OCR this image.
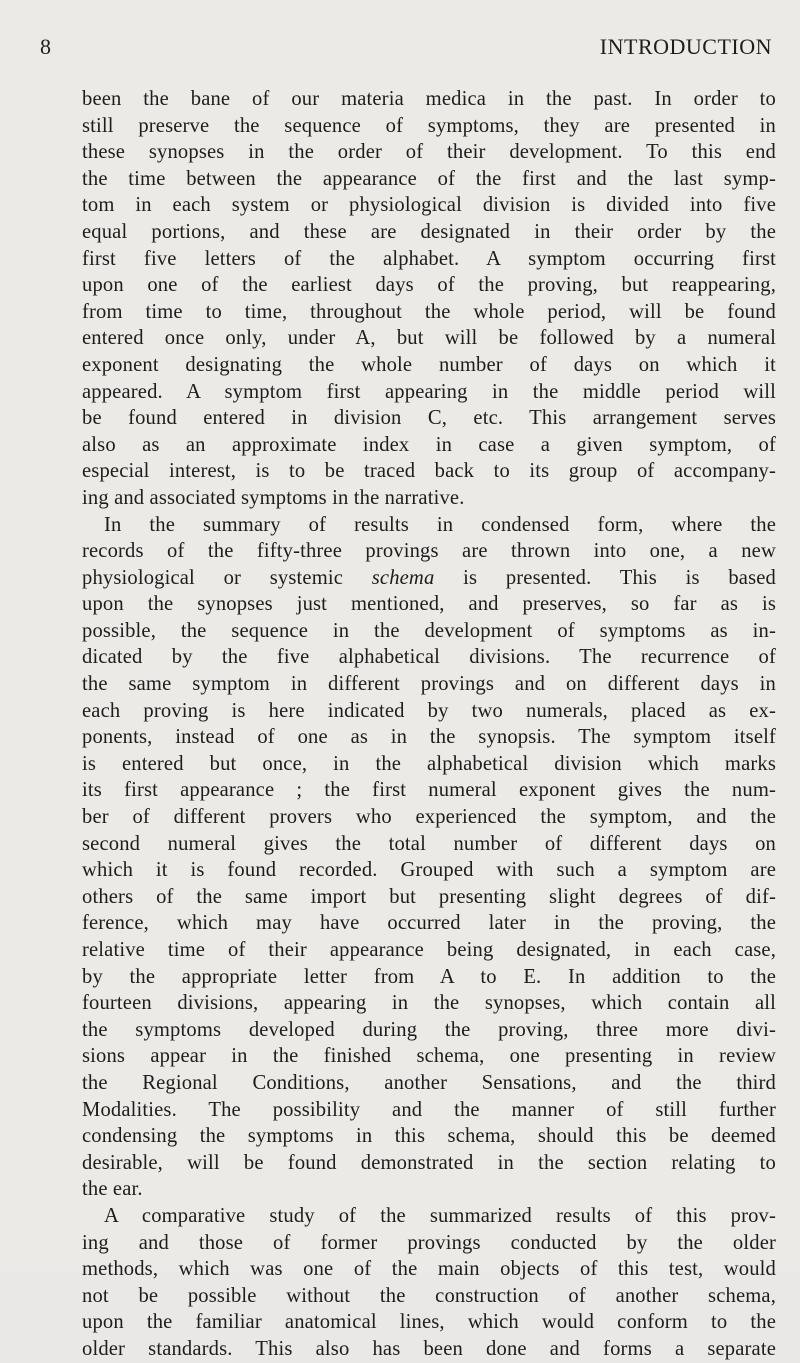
8	INTRODUCTION
been the bane of our materia medica in the past. In order to
still preserve the sequence of symptoms, they are presented in
these synopses in the order of their development. To this end
the time between the appearance of the first and the last symp-
tom in each system or physiological division is divided into five
equal portions, and these are designated in their order by the
first five letters of the alphabet. A symptom occurring first
upon one of the earliest days of the proving, but reappearing,
from time to time, throughout the whole period, will be found
entered once only, under A, but will be followed by a numeral
exponent designating the whole number of days on which it
appeared. A symptom first appearing in the middle period will
be found entered in division C, etc. This arrangement serves
also as an approximate index in case a given symptom, of
especial interest, is to be traced back to its group of accompany-
ing and associated symptoms in the narrative.
In the summary of results in condensed form, where the
records of the fifty-three provings are thrown into one, a new
physiological or systemic schema is presented. This is based
upon the synopses just mentioned, and preserves, so far as is
possible, the sequence in the development of symptoms as in-
dicated by the five alphabetical divisions. The recurrence of
the same symptom in different provings and on different days in
each proving is here indicated by two numerals, placed as ex-
ponents, instead of one as in the synopsis. The symptom itself
is entered but once, in the alphabetical division which marks
its first appearance ; the first numeral exponent gives the num-
ber of different provers who experienced the symptom, and the
second numeral gives the total number of different days on
which it is found recorded. Grouped with such a symptom are
others of the same import but presenting slight degrees of dif-
ference, which may have occurred later in the proving, the
relative time of their appearance being designated, in each case,
by the appropriate letter from A to E. In addition to the
fourteen divisions, appearing in the synopses, which contain all
the symptoms developed during the proving, three more divi-
sions appear in the finished schema, one presenting in review
the Regional Conditions, another Sensations, and the third
Modalities. The possibility and the manner of still further
condensing the symptoms in this schema, should this be deemed
desirable, will be found demonstrated in the section relating to
the ear.
A comparative study of the summarized results of this prov-
ing and those of former provings conducted by the older
methods, which was one of the main objects of this test, would
not be possible without the construction of another schema,
upon the familiar anatomical lines, which would conform to the
older standards. This also has been done and forms a separate
